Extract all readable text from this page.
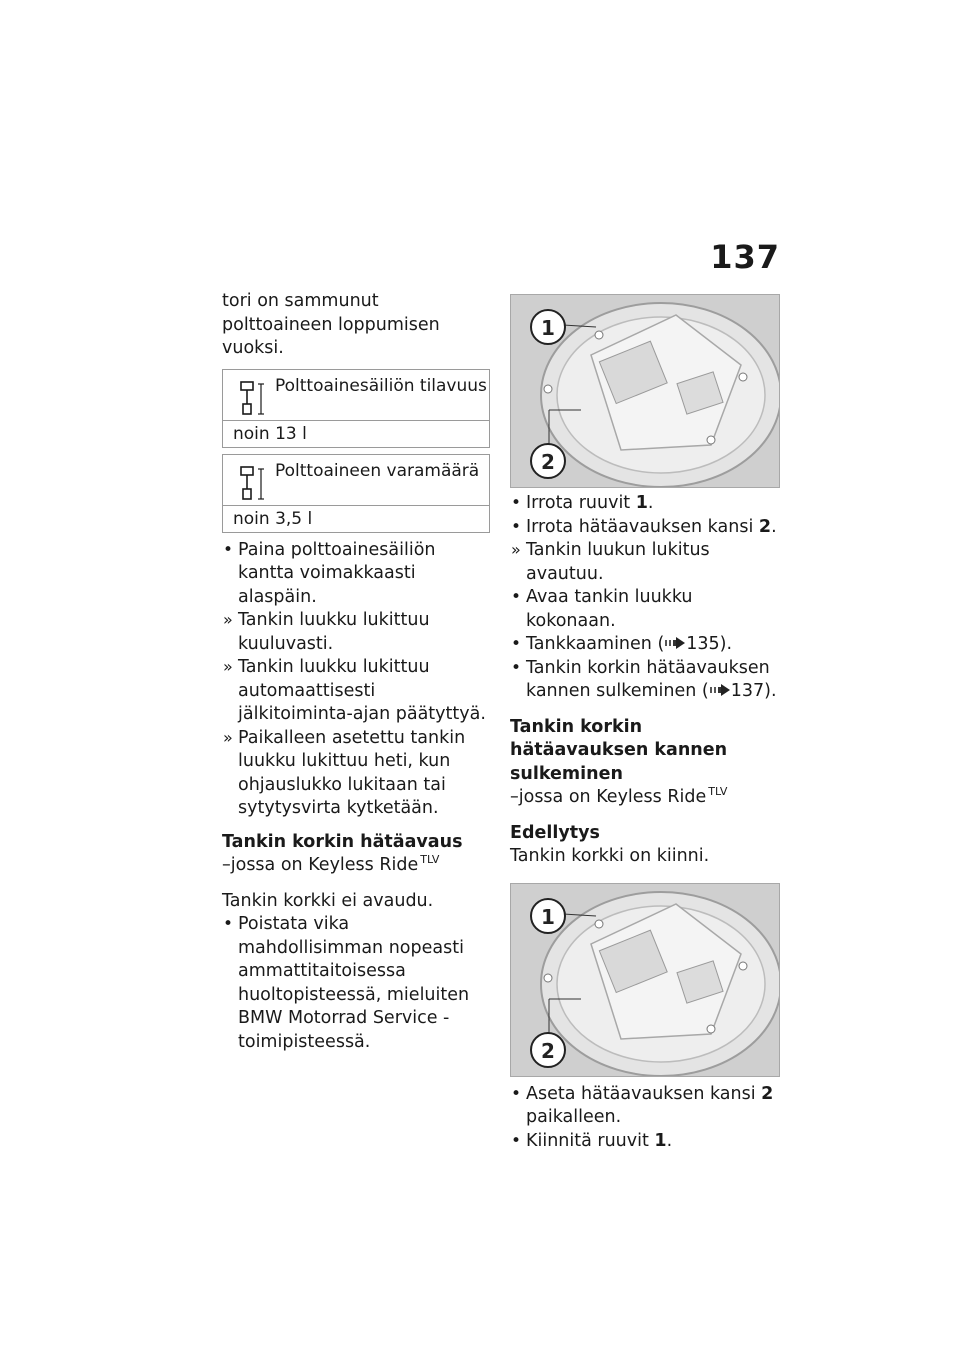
137

tori on sammunut polttoaineen loppumisen vuoksi.

Polttoainesäiliön tilavuus
noin 13 l
Polttoaineen varamäärä
noin 3,5 l
• Paina polttoainesäiliön kantta voimakkaasti alaspäin.
» Tankin luukku lukittuu kuuluvasti.
» Tankin luukku lukittuu automaattisesti jälkitoiminta-ajan päätyttyä.
» Paikalleen asetettu tankin luukku lukittuu heti, kun ohjauslukko lukitaan tai sytytysvirta kytketään.
Tankin korkin hätäavaus

–jossa on Keyless Ride $^{TLV}$

Tankin korkki ei avaudu.

• Poistata vika mahdollisimman nopeasti ammattitaitoisessa huoltopisteessä, mieluiten BMW Motorrad Service -toimipisteessä.
1
2
• Irrota ruuvit 1.
• Irrota hätäavauksen kansi 2.
» Tankin luukun lukitus avautuu.
• Avaa tankin luukku kokonaan.
• Tankkaaminen ( 135).
• Tankin korkin hätäavauksen kannen sulkeminen ( 137).
Tankin korkin hätäavauksen kannen sulkeminen

–jossa on Keyless Ride $^{TLV}$

Edellytys

Tankin korkki on kiinni.

1
2
• Aseta hätäavauksen kansi 2 paikalleen.
• Kiinnitä ruuvit 1.
